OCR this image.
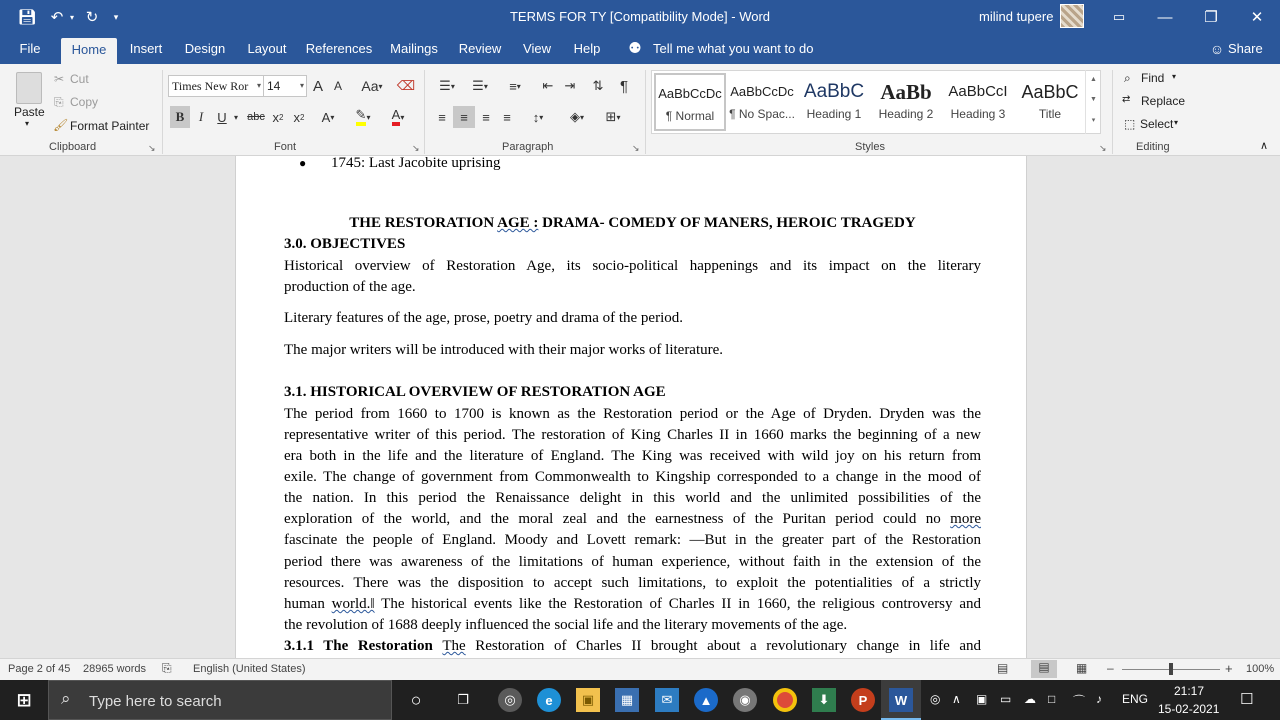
💾︎ ↶ ▾ ↻	▾	TERMS FOR TY [Compatibility Mode] - Word	milind tupere	▭	—	❐	✕
File	Home	Insert	Design	Layout	References	Mailings	Review	View	Help	⚉ Tell me what you want to do	☺ Share
Paste
▾
✂ Cut
⎘ Copy
🖌︎ Format Painter
Clipboard	↘
Times New Ror ▾ 14 ▾ A A Aa ▾ ⌫
B I U ▾ abc x 2 x 2 A ▾ ✎ ▾ A ▾
Font	↘
☰ ▾	☰ ▾	≡ ▾	⇤ ⇥	⇅	¶
≡	≡	≡	≡	↕ ▾	◈ ▾	⊞ ▾
Paragraph	↘
AaBbCcDc
¶ Normal
AaBbCcDc
¶ No Spac...
AaBbC
Heading 1
AaBb
Heading 2
AaBbCcI
Heading 3
AaBbC
Title
▲
▼
▾
Styles	↘
⌕ Find ▾
⇄ Replace
⬚ Select ▾
Editing	∧
●	1745: Last Jacobite uprising
THE RESTORATION AGE : DRAMA- COMEDY OF MANERS, HEROIC TRAGEDY
3.0. OBJECTIVES
Historical overview of Restoration Age, its socio-political happenings and its impact on the literary
production of the age.
Literary features of the age, prose, poetry and drama of the period.
The major writers will be introduced with their major works of literature.
3.1. HISTORICAL OVERVIEW OF RESTORATION AGE
The period from 1660 to 1700 is known as the Restoration period or the Age of Dryden. Dryden was the
representative writer of this period. The restoration of King Charles II in 1660 marks the beginning of a new
era both in the life and the literature of England. The King was received with wild joy on his return from
exile. The change of government from Commonwealth to Kingship corresponded to a change in the mood of
the nation. In this period the Renaissance delight in this world and the unlimited possibilities of the
exploration of the world, and the moral zeal and the earnestness of the Puritan period could no more
fascinate the people of England. Moody and Lovett remark: —But in the greater part of the Restoration
period there was awareness of the limitations of human experience, without faith in the extension of the
resources. There was the disposition to accept such limitations, to exploit the potentialities of a strictly
human world.‖ The historical events like the Restoration of Charles II in 1660, the religious controversy and
the revolution of 1688 deeply influenced the social life and the literary movements of the age.
3.1.1 The Restoration The Restoration of Charles II brought about a revolutionary change in life and
Page 2 of 45 28965 words ⎘ English (United States)	▤	▤	▦ –	+ 100%
⊞ ⌕ Type here to search	○	❐	◎	e	▣	▦	✉	▲	◉	⬇	P	W	◎ ∧ ▣ ▭ ☁ □ ⌒ ♪ ENG
21:17
15-02-2021
☐
